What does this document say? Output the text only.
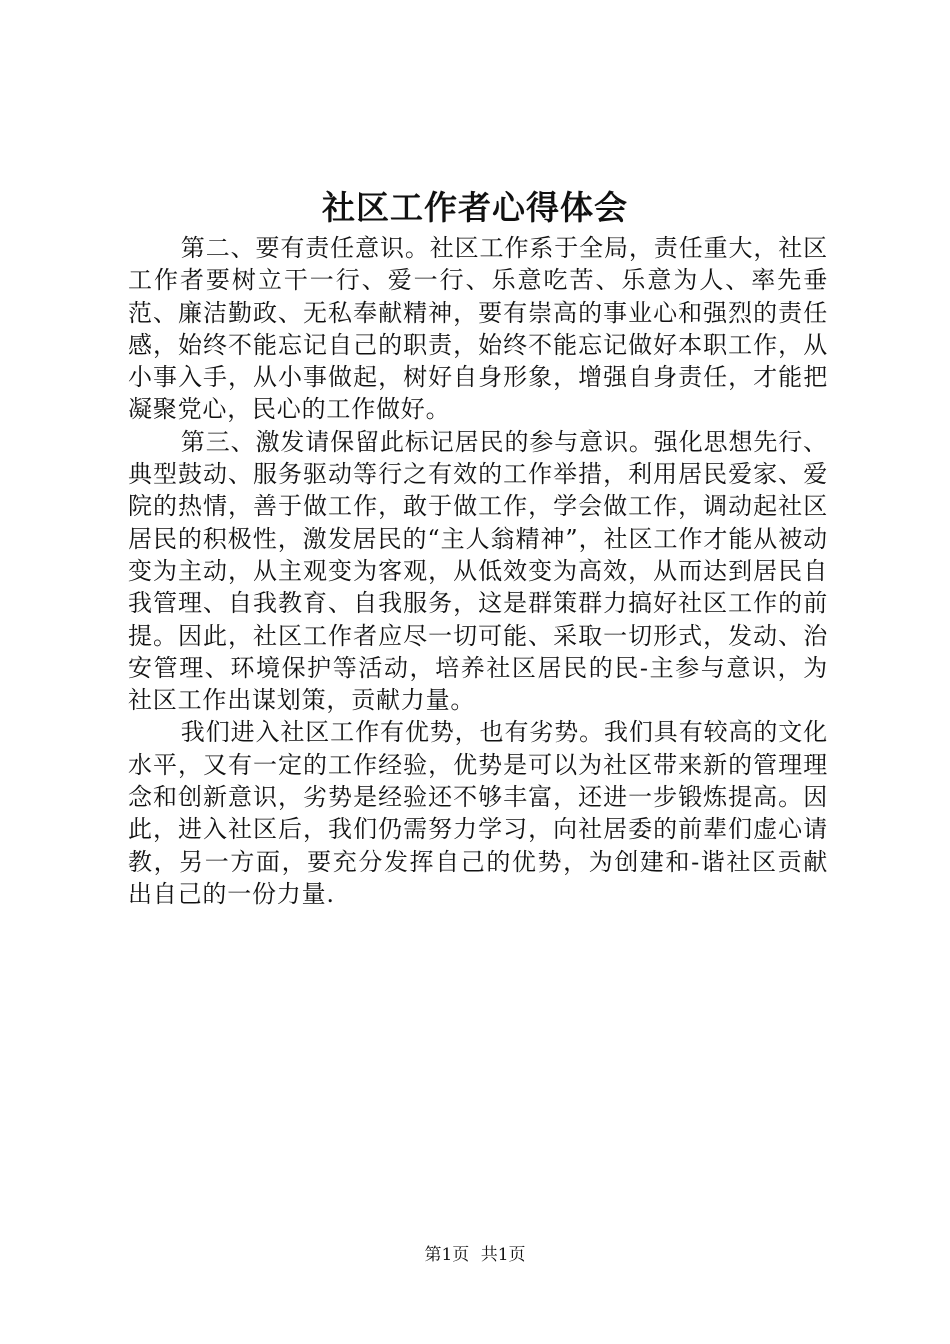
社区工作者心得体会

第二、要有责任意识。社区工作系于全局，责任重大，社区工作者要树立干一行、爱一行、乐意吃苦、乐意为人、率先垂范、廉洁勤政、无私奉献精神，要有崇高的事业心和强烈的责任感，始终不能忘记自己的职责，始终不能忘记做好本职工作，从小事入手，从小事做起，树好自身形象，增强自身责任，才能把凝聚党心，民心的工作做好。

第三、激发请保留此标记居民的参与意识。强化思想先行、典型鼓动、服务驱动等行之有效的工作举措，利用居民爱家、爱院的热情，善于做工作，敢于做工作，学会做工作，调动起社区居民的积极性，激发居民的“主人翁精神”，社区工作才能从被动变为主动，从主观变为客观，从低效变为高效，从而达到居民自我管理、自我教育、自我服务，这是群策群力搞好社区工作的前提。因此，社区工作者应尽一切可能、采取一切形式，发动、治安管理、环境保护等活动，培养社区居民的民-主参与意识，为社区工作出谋划策，贡献力量。

我们进入社区工作有优势，也有劣势。我们具有较高的文化水平，又有一定的工作经验，优势是可以为社区带来新的管理理念和创新意识，劣势是经验还不够丰富，还进一步锻炼提高。因此，进入社区后，我们仍需努力学习，向社居委的前辈们虚心请教，另一方面，要充分发挥自己的优势，为创建和-谐社区贡献出自己的一份力量.

第1页 共1页
